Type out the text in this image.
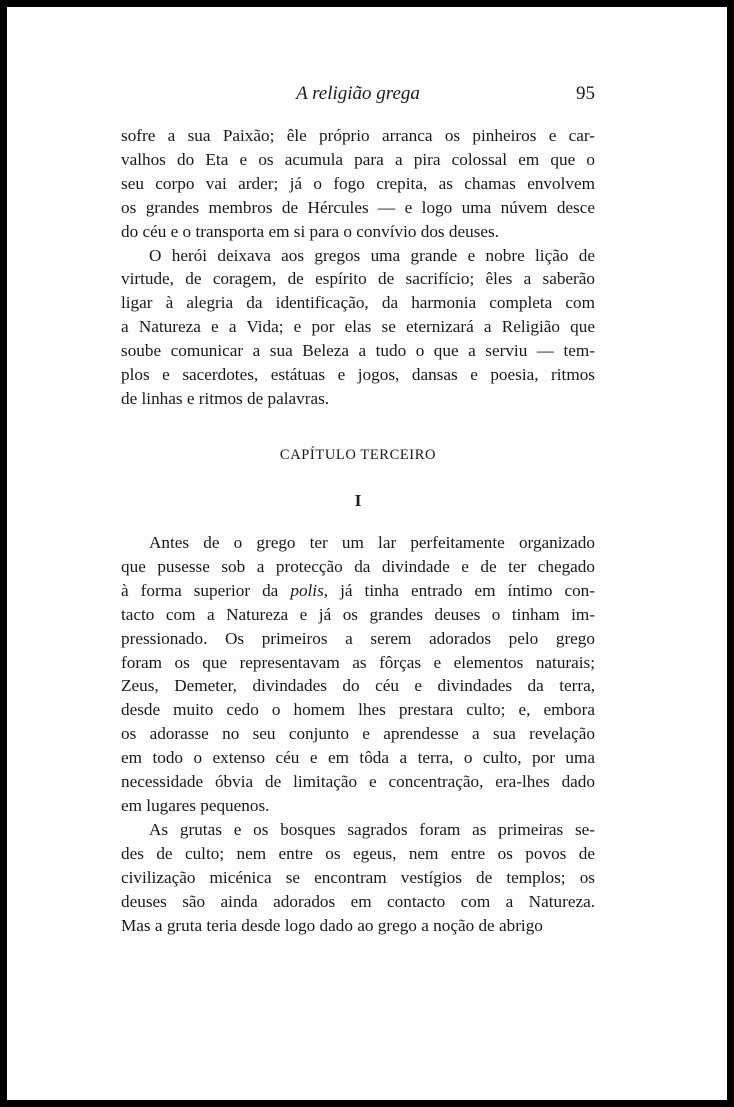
A religião grega	95

sofre a sua Paixão; êle próprio arranca os pinheiros e car-
valhos do Eta e os acumula para a pira colossal em que o
seu corpo vai arder; já o fogo crepita, as chamas envolvem
os grandes membros de Hércules — e logo uma núvem desce
do céu e o transporta em si para o convívio dos deuses.

O herói deixava aos gregos uma grande e nobre lição de
virtude, de coragem, de espírito de sacrifício; êles a saberão
ligar à alegria da identificação, da harmonia completa com
a Natureza e a Vida; e por elas se eternizará a Religião que
soube comunicar a sua Beleza a tudo o que a serviu — tem-
plos e sacerdotes, estátuas e jogos, dansas e poesia, ritmos
de linhas e ritmos de palavras.

CAPÍTULO TERCEIRO
I

Antes de o grego ter um lar perfeitamente organizado
que pusesse sob a protecção da divindade e de ter chegado
à forma superior da polis, já tinha entrado em íntimo con-
tacto com a Natureza e já os grandes deuses o tinham im-
pressionado. Os primeiros a serem adorados pelo grego
foram os que representavam as fôrças e elementos naturais;
Zeus, Demeter, divindades do céu e divindades da terra,
desde muito cedo o homem lhes prestara culto; e, embora
os adorasse no seu conjunto e aprendesse a sua revelação
em todo o extenso céu e em tôda a terra, o culto, por uma
necessidade óbvia de limitação e concentração, era-lhes dado
em lugares pequenos.

As grutas e os bosques sagrados foram as primeiras se-
des de culto; nem entre os egeus, nem entre os povos de
civilização micénica se encontram vestígios de templos; os
deuses são ainda adorados em contacto com a Natureza.
Mas a gruta teria desde logo dado ao grego a noção de abrigo
